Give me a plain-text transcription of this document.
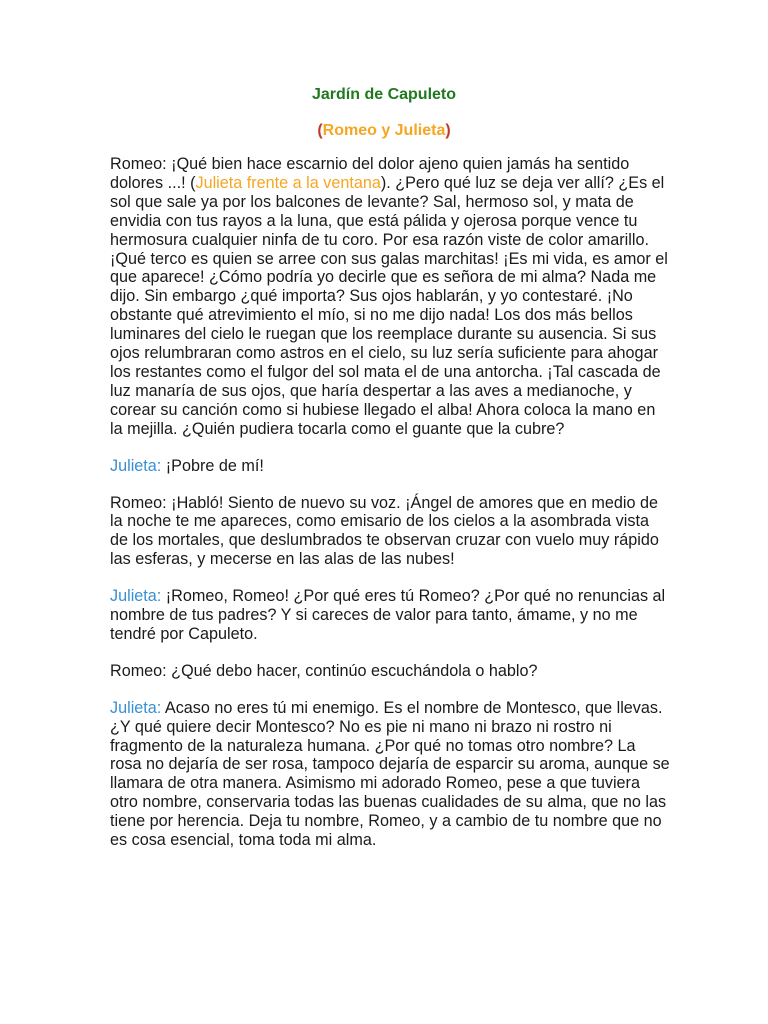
Jardín de Capuleto
(Romeo y Julieta)

Romeo: ¡Qué bien hace escarnio del dolor ajeno quien jamás ha sentido dolores ...! (Julieta frente a la ventana). ¿Pero qué luz se deja ver allí? ¿Es el sol que sale ya por los balcones de levante? Sal, hermoso sol, y mata de envidia con tus rayos a la luna, que está pálida y ojerosa porque vence tu hermosura cualquier ninfa de tu coro. Por esa razón viste de color amarillo. ¡Qué terco es quien se arree con sus galas marchitas! ¡Es mi vida, es amor el que aparece! ¿Cómo podría yo decirle que es señora de mi alma? Nada me dijo. Sin embargo ¿qué importa? Sus ojos hablarán, y yo contestaré. ¡No obstante qué atrevimiento el mío, si no me dijo nada! Los dos más bellos luminares del cielo le ruegan que los reemplace durante su ausencia. Si sus ojos relumbraran como astros en el cielo, su luz sería suficiente para ahogar los restantes como el fulgor del sol mata el de una antorcha. ¡Tal cascada de luz manaría de sus ojos, que haría despertar a las aves a medianoche, y corear su canción como si hubiese llegado el alba! Ahora coloca la mano en la mejilla. ¿Quién pudiera tocarla como el guante que la cubre?

Julieta: ¡Pobre de mí!

Romeo: ¡Habló! Siento de nuevo su voz. ¡Ángel de amores que en medio de la noche te me apareces, como emisario de los cielos a la asombrada vista de los mortales, que deslumbrados te observan cruzar con vuelo muy rápido las esferas, y mecerse en las alas de las nubes!

Julieta: ¡Romeo, Romeo! ¿Por qué eres tú Romeo? ¿Por qué no renuncias al nombre de tus padres? Y si careces de valor para tanto, ámame, y no me tendré por Capuleto.

Romeo: ¿Qué debo hacer, continúo escuchándola o hablo?

Julieta: Acaso no eres tú mi enemigo. Es el nombre de Montesco, que llevas. ¿Y qué quiere decir Montesco? No es pie ni mano ni brazo ni rostro ni fragmento de la naturaleza humana. ¿Por qué no tomas otro nombre? La rosa no dejaría de ser rosa, tampoco dejaría de esparcir su aroma, aunque se llamara de otra manera. Asimismo mi adorado Romeo, pese a que tuviera otro nombre, conservaria todas las buenas cualidades de su alma, que no las tiene por herencia. Deja tu nombre, Romeo, y a cambio de tu nombre que no es cosa esencial, toma toda mi alma.
